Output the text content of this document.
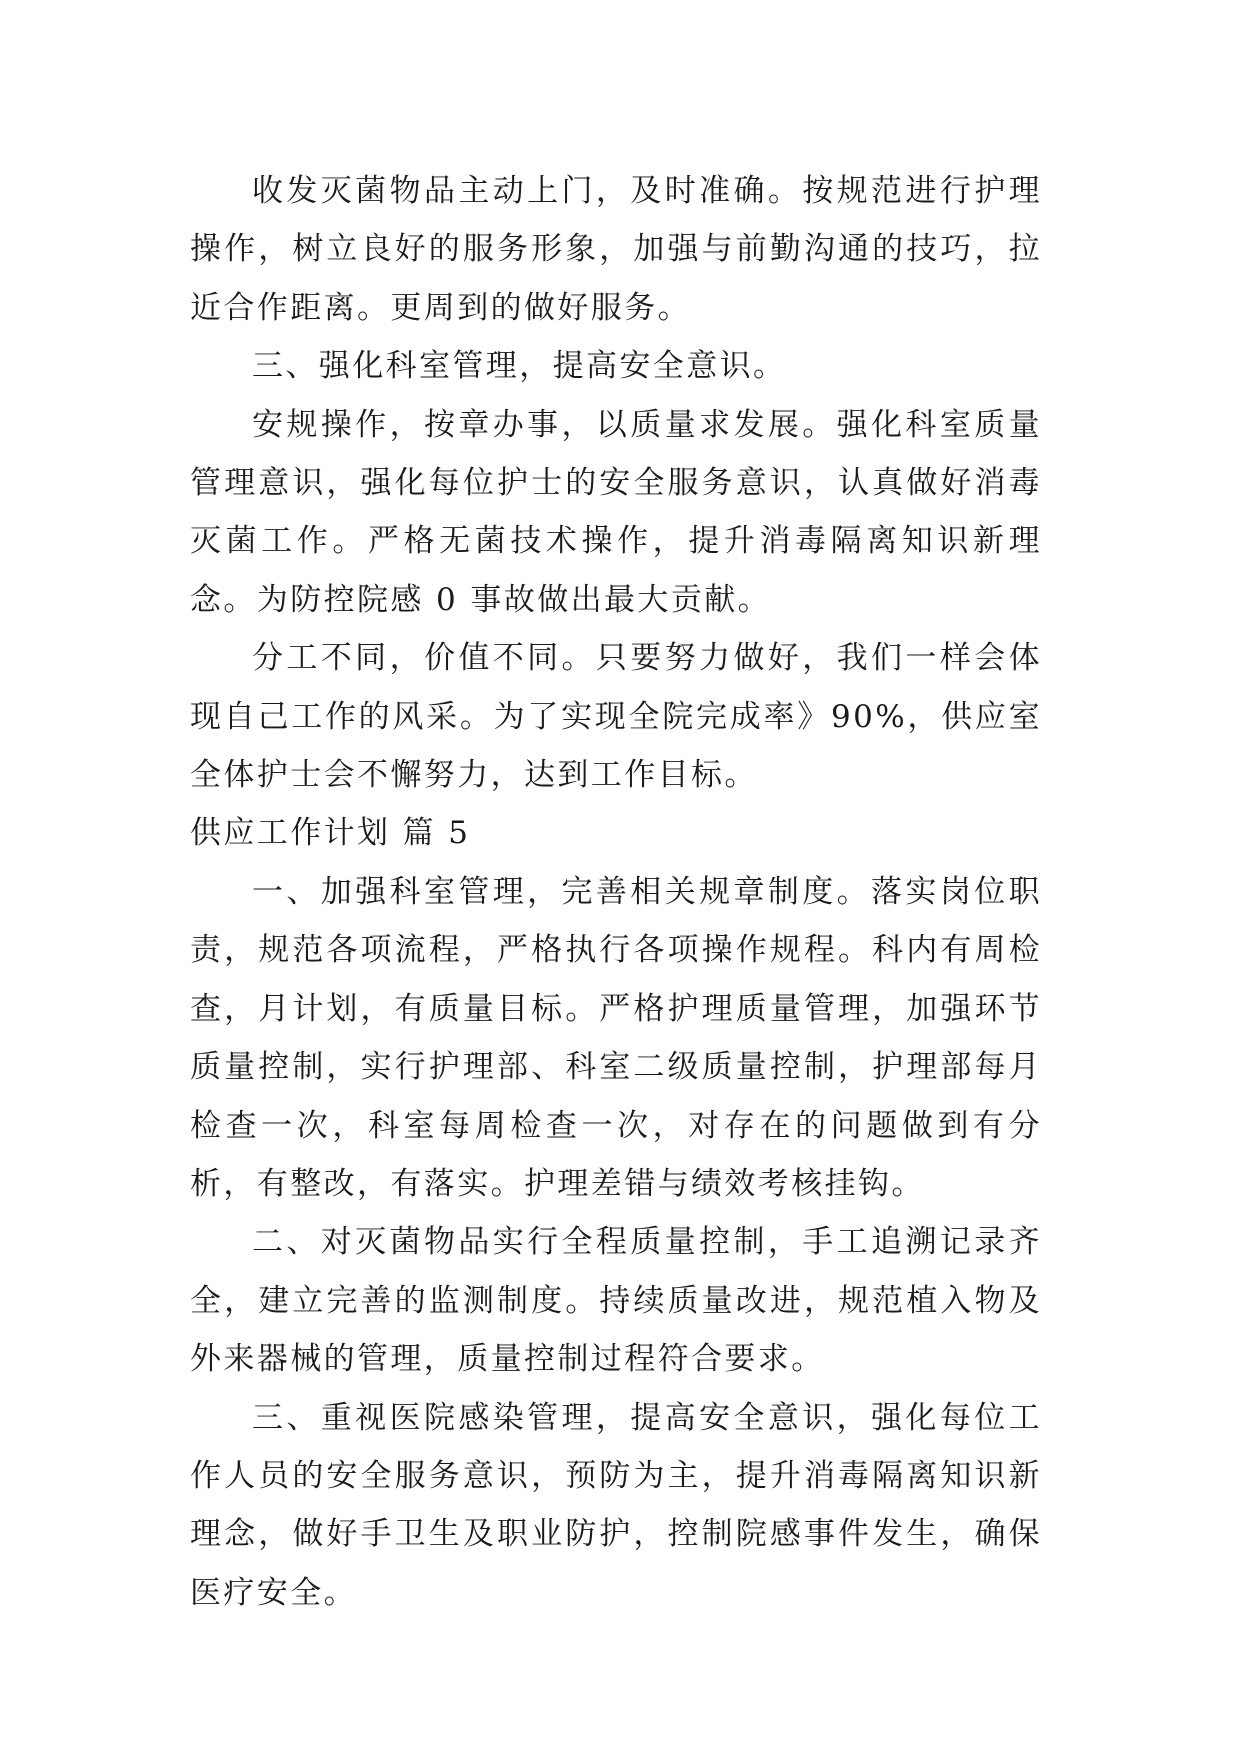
收发灭菌物品主动上门，及时准确。按规范进行护理操作，树立良好的服务形象，加强与前勤沟通的技巧，拉近合作距离。更周到的做好服务。

三、强化科室管理，提高安全意识。

安规操作，按章办事，以质量求发展。强化科室质量管理意识，强化每位护士的安全服务意识，认真做好消毒灭菌工作。严格无菌技术操作，提升消毒隔离知识新理念。为防控院感 0 事故做出最大贡献。

分工不同，价值不同。只要努力做好，我们一样会体现自己工作的风采。为了实现全院完成率》90%，供应室全体护士会不懈努力，达到工作目标。

供应工作计划 篇 5

一、加强科室管理，完善相关规章制度。落实岗位职责，规范各项流程，严格执行各项操作规程。科内有周检查，月计划，有质量目标。严格护理质量管理，加强环节质量控制，实行护理部、科室二级质量控制，护理部每月检查一次，科室每周检查一次，对存在的问题做到有分析，有整改，有落实。护理差错与绩效考核挂钩。

二、对灭菌物品实行全程质量控制，手工追溯记录齐全，建立完善的监测制度。持续质量改进，规范植入物及外来器械的管理，质量控制过程符合要求。

三、重视医院感染管理，提高安全意识，强化每位工作人员的安全服务意识，预防为主，提升消毒隔离知识新理念，做好手卫生及职业防护，控制院感事件发生，确保医疗安全。
